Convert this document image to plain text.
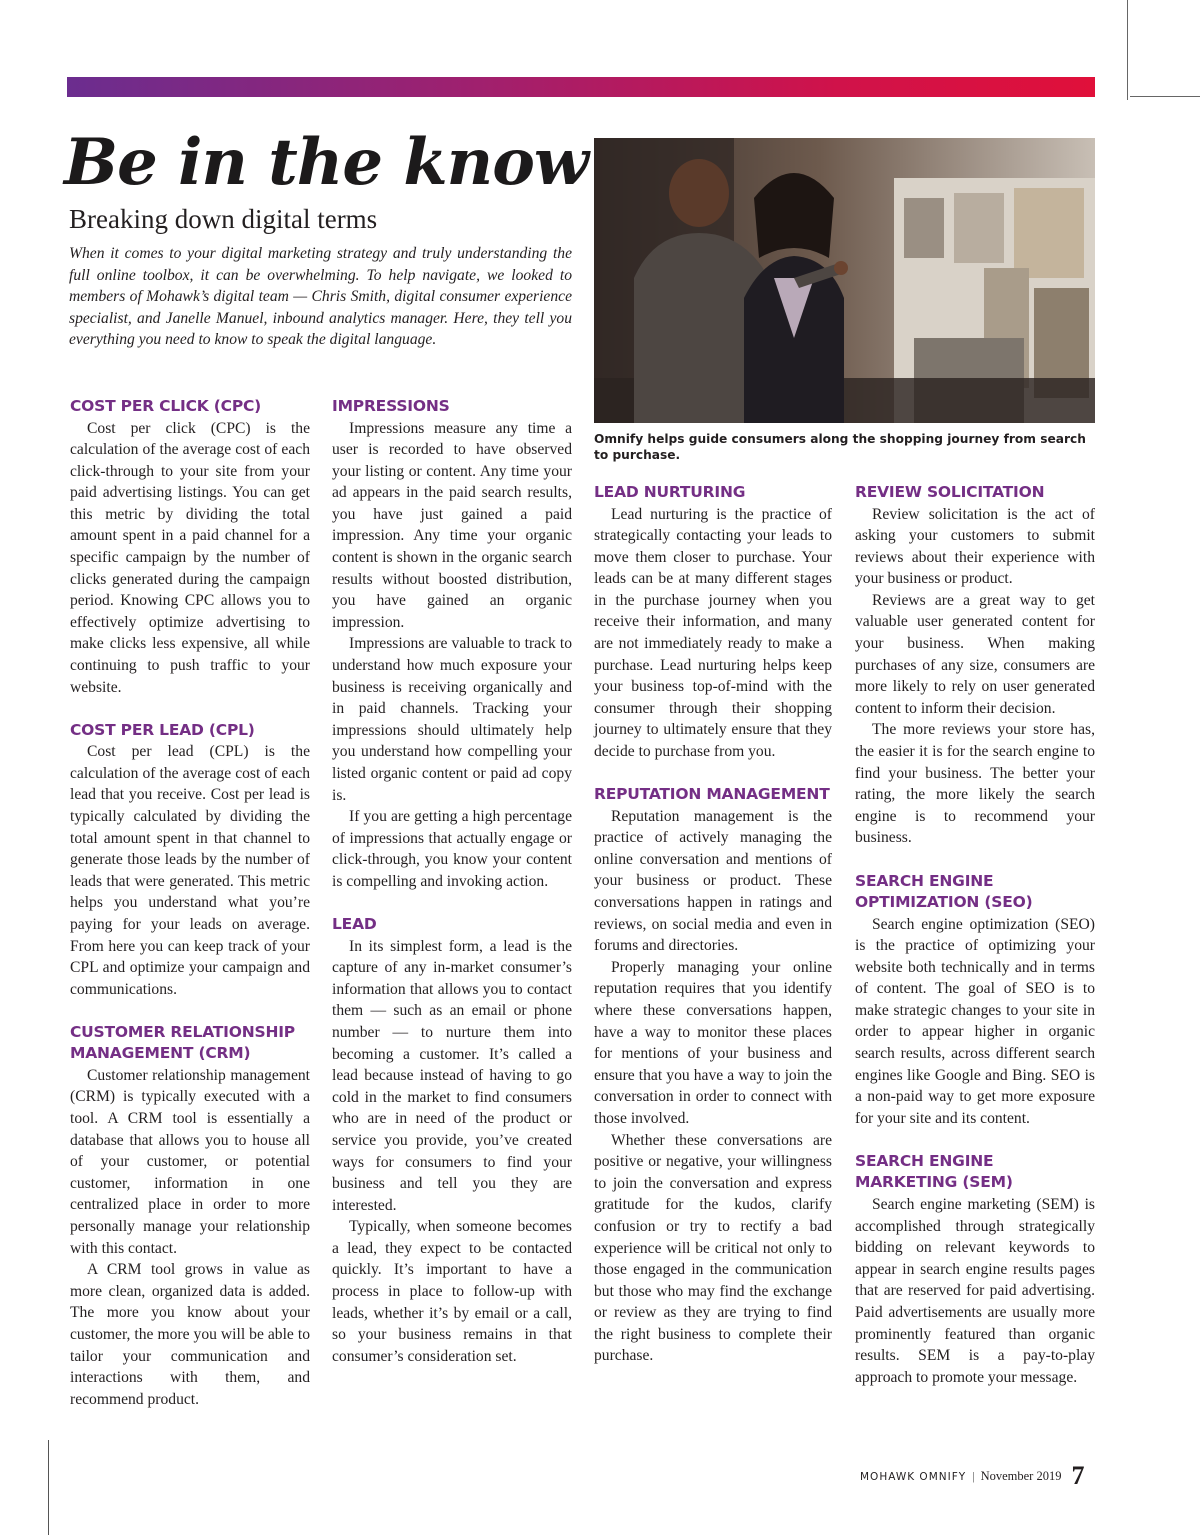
Be in the know
Breaking down digital terms
When it comes to your digital marketing strategy and truly understanding the full online toolbox, it can be overwhelming. To help navigate, we looked to members of Mohawk’s digital team — Chris Smith, digital consumer experience specialist, and Janelle Manuel, inbound analytics manager. Here, they tell you everything you need to know to speak the digital language.
Omnify helps guide consumers along the shopping journey from search to purchase.
COST PER CLICK (CPC)

Cost per click (CPC) is the calculation of the average cost of each click-through to your site from your paid advertising listings. You can get this metric by dividing the total amount spent in a paid channel for a specific campaign by the number of clicks generated during the campaign period. Knowing CPC allows you to effectively optimize advertising to make clicks less expensive, all while continuing to push traffic to your website.

COST PER LEAD (CPL)

Cost per lead (CPL) is the calculation of the average cost of each lead that you receive. Cost per lead is typically calculated by dividing the total amount spent in that channel to generate those leads by the number of leads that were generated. This metric helps you understand what you’re paying for your leads on average. From here you can keep track of your CPL and optimize your campaign and communications.

CUSTOMER RELATIONSHIP MANAGEMENT (CRM)

Customer relationship management (CRM) is typically executed with a tool. A CRM tool is essentially a database that allows you to house all of your customer, or potential customer, information in one centralized place in order to more personally manage your relationship with this contact.

A CRM tool grows in value as more clean, organized data is added. The more you know about your customer, the more you will be able to tailor your communication and interactions with them, and recommend product.

IMPRESSIONS

Impressions measure any time a user is recorded to have observed your listing or content. Any time your ad appears in the paid search results, you have just gained a paid impression. Any time your organic content is shown in the organic search results without boosted distribution, you have gained an organic impression.

Impressions are valuable to track to understand how much exposure your business is receiving organically and in paid channels. Tracking your impressions should ultimately help you understand how compelling your listed organic content or paid ad copy is.

If you are getting a high percentage of impressions that actually engage or click-through, you know your content is compelling and invoking action.

LEAD

In its simplest form, a lead is the capture of any in-market consumer’s information that allows you to contact them — such as an email or phone number — to nurture them into becoming a customer. It’s called a lead because instead of having to go cold in the market to find consumers who are in need of the product or service you provide, you’ve created ways for consumers to find your business and tell you they are interested.

Typically, when someone becomes a lead, they expect to be contacted quickly. It’s important to have a process in place to follow-up with leads, whether it’s by email or a call, so your business remains in that consumer’s consideration set.

LEAD NURTURING

Lead nurturing is the practice of strategically contacting your leads to move them closer to purchase. Your leads can be at many different stages in the purchase journey when you receive their information, and many are not immediately ready to make a purchase. Lead nurturing helps keep your business top-of-mind with the consumer through their shopping journey to ultimately ensure that they decide to purchase from you.

REPUTATION MANAGEMENT

Reputation management is the practice of actively managing the online conversation and mentions of your business or product. These conversations happen in ratings and reviews, on social media and even in forums and directories.

Properly managing your online reputation requires that you identify where these conversations happen, have a way to monitor these places for mentions of your business and ensure that you have a way to join the conversation in order to connect with those involved.

Whether these conversations are positive or negative, your willingness to join the conversation and express gratitude for the kudos, clarify confusion or try to rectify a bad experience will be critical not only to those engaged in the communication but those who may find the exchange or review as they are trying to find the right business to complete their purchase.

REVIEW SOLICITATION

Review solicitation is the act of asking your customers to submit reviews about their experience with your business or product.

Reviews are a great way to get valuable user generated content for your business. When making purchases of any size, consumers are more likely to rely on user generated content to inform their decision.

The more reviews your store has, the easier it is for the search engine to find your business. The better your rating, the more likely the search engine is to recommend your business.

SEARCH ENGINE OPTIMIZATION (SEO)

Search engine optimization (SEO) is the practice of optimizing your website both technically and in terms of content. The goal of SEO is to make strategic changes to your site in order to appear higher in organic search results, across different search engines like Google and Bing. SEO is a non-paid way to get more exposure for your site and its content.

SEARCH ENGINE MARKETING (SEM)

Search engine marketing (SEM) is accomplished through strategically bidding on relevant keywords to appear in search engine results pages that are reserved for paid advertising. Paid advertisements are usually more prominently featured than organic results. SEM is a pay-to-play approach to promote your message.

MOHAWK OMNIFY | November 2019 7
